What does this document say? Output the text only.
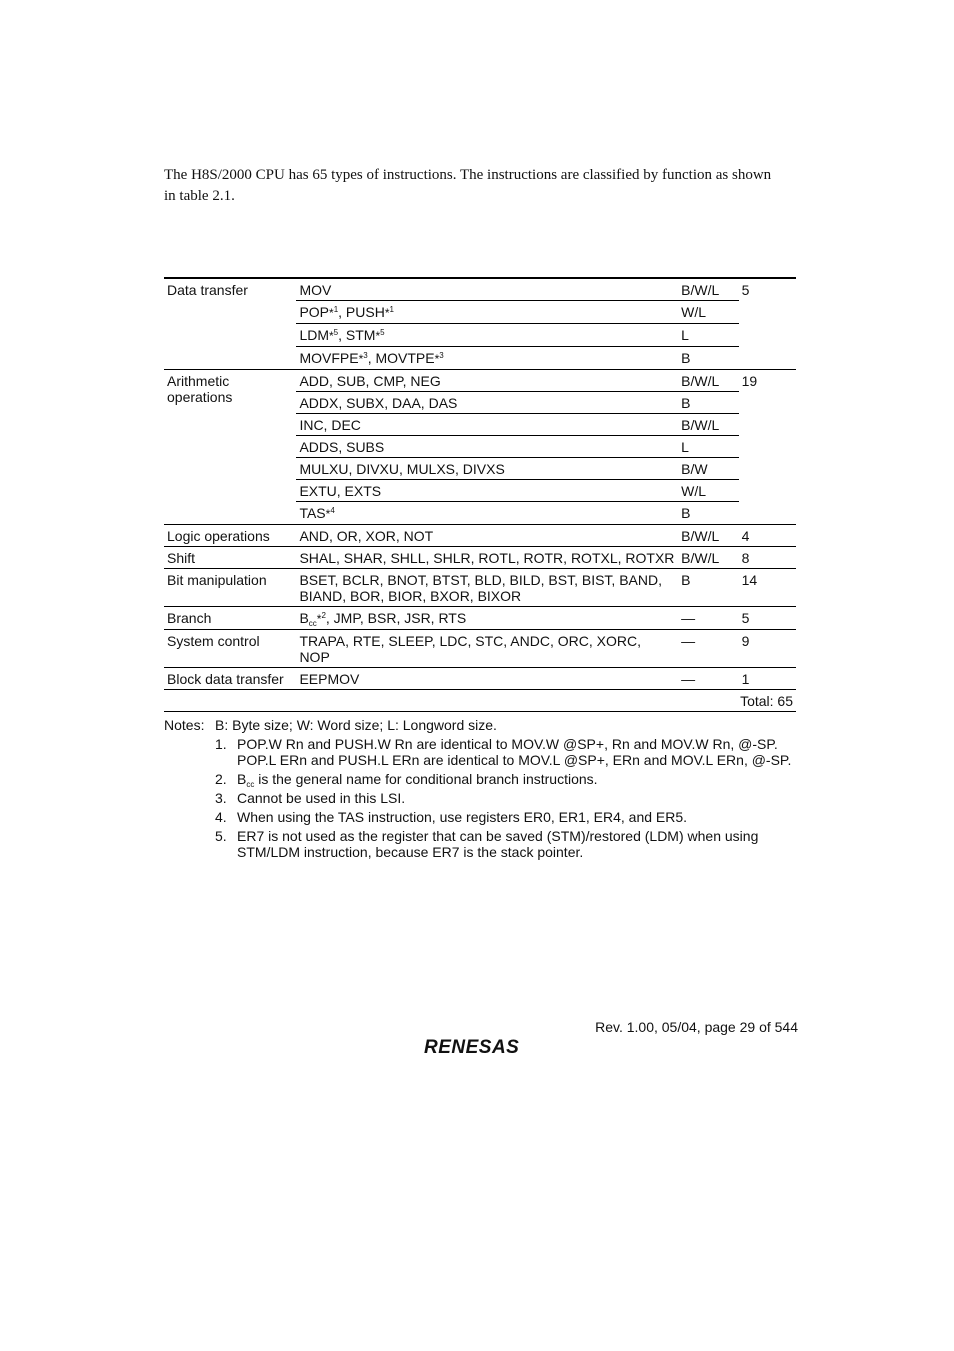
The H8S/2000 CPU has 65 types of instructions. The instructions are classified by function as shown in table 2.1.
Data transfer	MOV	B/W/L	5
	POP*$^1$, PUSH*$^1$	W/L	
	LDM*$^5$, STM*$^5$	L	
	MOVFPE*$^3$, MOVTPE*$^3$	B	
Arithmetic operations	ADD, SUB, CMP, NEG	B/W/L	19
	ADDX, SUBX, DAA, DAS	B	
	INC, DEC	B/W/L	
	ADDS, SUBS	L	
	MULXU, DIVXU, MULXS, DIVXS	B/W	
	EXTU, EXTS	W/L	
	TAS*$^4$	B	
Logic operations	AND, OR, XOR, NOT	B/W/L	4
Shift	SHAL, SHAR, SHLL, SHLR, ROTL, ROTR, ROTXL, ROTXR	B/W/L	8
Bit manipulation	BSET, BCLR, BNOT, BTST, BLD, BILD, BST, BIST, BAND, BIAND, BOR, BIOR, BXOR, BIXOR	B	14
Branch	$B_{cc}*^2$, JMP, BSR, JSR, RTS	—	5
System control	TRAPA, RTE, SLEEP, LDC, STC, ANDC, ORC, XORC, NOP	—	9
Block data transfer	EEPMOV	—	1
Total: 65			
Notes: B: Byte size; W: Word size; L: Longword size.
1. POP.W Rn and PUSH.W Rn are identical to MOV.W @SP+, Rn and MOV.W Rn, @-SP. POP.L ERn and PUSH.L ERn are identical to MOV.L @SP+, ERn and MOV.L ERn, @-SP.
2. $B_{cc}$ is the general name for conditional branch instructions.
3. Cannot be used in this LSI.
4. When using the TAS instruction, use registers ER0, ER1, ER4, and ER5.
5. ER7 is not used as the register that can be saved (STM)/restored (LDM) when using STM/LDM instruction, because ER7 is the stack pointer.
Rev. 1.00, 05/04, page 29 of 544
RENESAS
